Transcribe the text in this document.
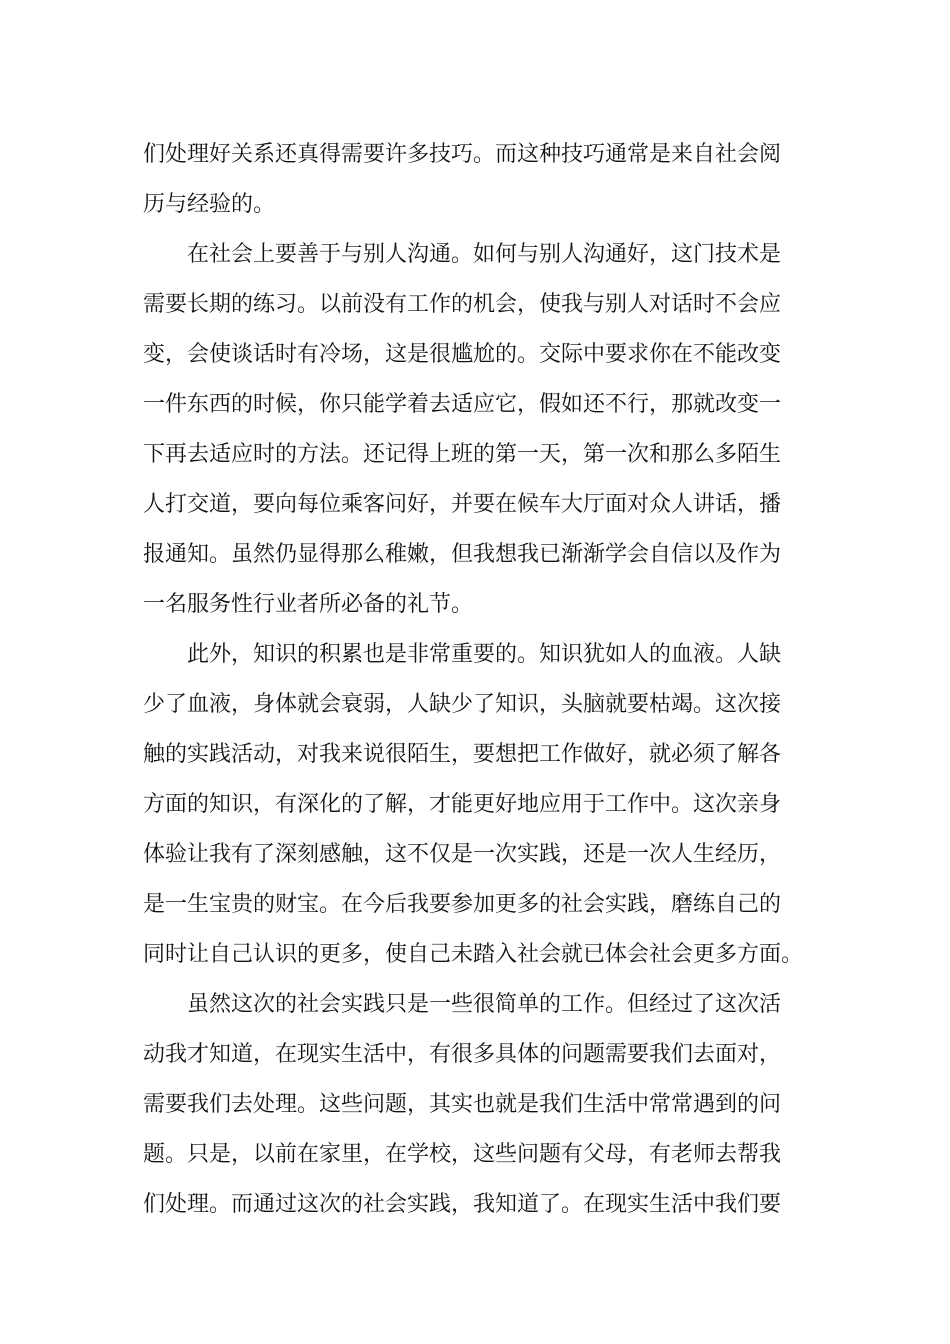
们处理好关系还真得需要许多技巧。而这种技巧通常是来自社会阅
历与经验的。

在社会上要善于与别人沟通。如何与别人沟通好，这门技术是
需要长期的练习。以前没有工作的机会，使我与别人对话时不会应
变，会使谈话时有冷场，这是很尴尬的。交际中要求你在不能改变
一件东西的时候，你只能学着去适应它，假如还不行，那就改变一
下再去适应时的方法。还记得上班的第一天，第一次和那么多陌生
人打交道，要向每位乘客问好，并要在候车大厅面对众人讲话，播
报通知。虽然仍显得那么稚嫩，但我想我已渐渐学会自信以及作为
一名服务性行业者所必备的礼节。

此外，知识的积累也是非常重要的。知识犹如人的血液。人缺
少了血液，身体就会衰弱，人缺少了知识，头脑就要枯竭。这次接
触的实践活动，对我来说很陌生，要想把工作做好，就必须了解各
方面的知识，有深化的了解，才能更好地应用于工作中。这次亲身
体验让我有了深刻感触，这不仅是一次实践，还是一次人生经历，
是一生宝贵的财宝。在今后我要参加更多的社会实践，磨练自己的
同时让自己认识的更多，使自己未踏入社会就已体会社会更多方面。

虽然这次的社会实践只是一些很简单的工作。但经过了这次活
动我才知道，在现实生活中，有很多具体的问题需要我们去面对，
需要我们去处理。这些问题，其实也就是我们生活中常常遇到的问
题。只是，以前在家里，在学校，这些问题有父母，有老师去帮我
们处理。而通过这次的社会实践，我知道了。在现实生活中我们要
